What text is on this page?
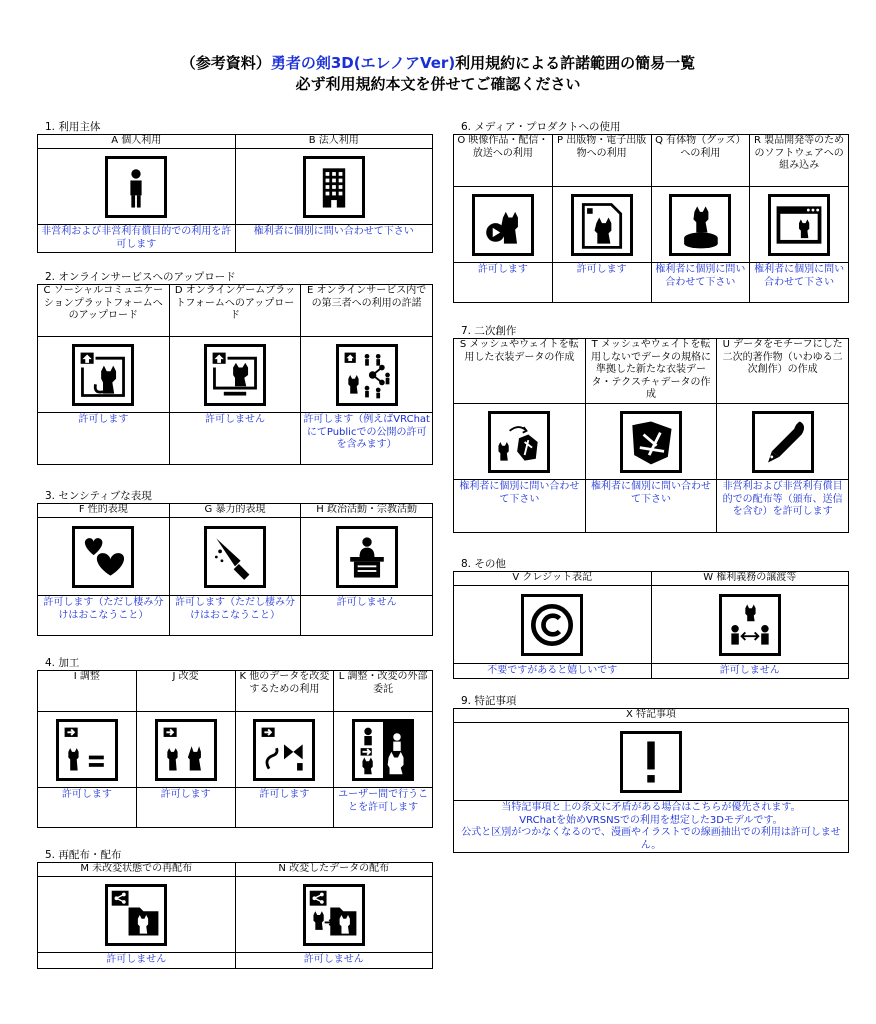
（参考資料）勇者の剣3D(エレノアVer)利用規約による許諾範囲の簡易一覧
必ず利用規約本文を併せてご確認ください
1. 利用主体
A 個人利用	B 法人利用

非営利および非営利有償目的での利用を許可します	権利者に個別に問い合わせて下さい
2. オンラインサービスへのアップロード
C ソーシャルコミュニケーションプラットフォームへのアップロード	D オンラインゲームプラットフォームへのアップロード	E オンラインサービス内での第三者への利用の許諾

許可します	許可しません	許可します（例えばVRChatにてPublicでの公開の許可を含みます）
3. センシティブな表現
F 性的表現	G 暴力的表現	H 政治活動・宗教活動

許可します（ただし棲み分けはおこなうこと）	許可します（ただし棲み分けはおこなうこと）	許可しません
4. 加工
I 調整	J 改変	K 他のデータを改変するための利用	L 調整・改変の外部委託

許可します	許可します	許可します	ユーザー間で行うことを許可します
5. 再配布・配布
M 未改変状態での再配布	N 改変したデータの配布

許可しません	許可しません
6. メディア・プロダクトへの使用
O 映像作品・配信・放送への利用	P 出版物・電子出版物への利用	Q 有体物（グッズ）への利用	R 製品開発等のためのソフトウェアへの組み込み

許可します	許可します	権利者に個別に問い合わせて下さい	権利者に個別に問い合わせて下さい
7. 二次創作
S メッシュやウェイトを転用した衣装データの作成	T メッシュやウェイトを転用しないでデータの規格に準拠した新たな衣装データ・テクスチャデータの作成	U データをモチーフにした二次的著作物（いわゆる二次創作）の作成

権利者に個別に問い合わせて下さい	権利者に個別に問い合わせて下さい	非営利および非営利有償目的での配布等（頒布、送信を含む）を許可します
8. その他
V クレジット表記	W 権利義務の譲渡等

不要ですがあると嬉しいです	許可しません
9. 特記事項
X 特記事項

当特記事項と上の条文に矛盾がある場合はこちらが優先されます。
VRChatを始めVRSNSでの利用を想定した3Dモデルです。
公式と区別がつかなくなるので、漫画やイラストでの線画抽出での利用は許可しません。
